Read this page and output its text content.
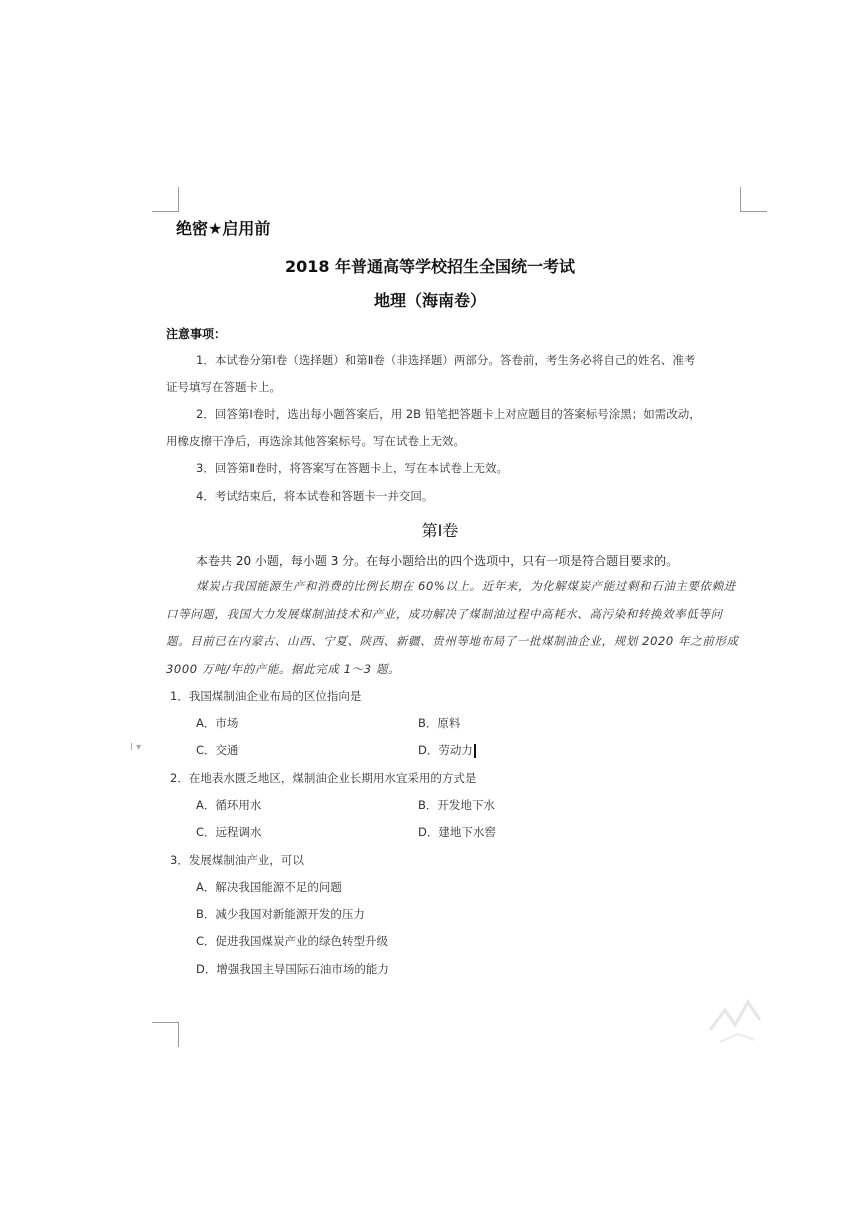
I ▾
绝密★启用前
2018 年普通高等学校招生全国统一考试
地理（海南卷）
注意事项：
1．本试卷分第Ⅰ卷（选择题）和第Ⅱ卷（非选择题）两部分。答卷前，考生务必将自己的姓名、准考
证号填写在答题卡上。
2．回答第Ⅰ卷时，选出每小题答案后，用 2B 铅笔把答题卡上对应题目的答案标号涂黑；如需改动，
用橡皮擦干净后，再选涂其他答案标号。写在试卷上无效。
3．回答第Ⅱ卷时，将答案写在答题卡上，写在本试卷上无效。
4．考试结束后，将本试卷和答题卡一并交回。
第Ⅰ卷
本卷共 20 小题，每小题 3 分。在每小题给出的四个选项中，只有一项是符合题目要求的。
煤炭占我国能源生产和消费的比例长期在 60%以上。近年来，为化解煤炭产能过剩和石油主要依赖进
口等问题，我国大力发展煤制油技术和产业，成功解决了煤制油过程中高耗水、高污染和转换效率低等问
题。目前已在内蒙古、山西、宁夏、陕西、新疆、贵州等地布局了一批煤制油企业，规划 2020 年之前形成
3000 万吨/年的产能。据此完成 1～3 题。
1．我国煤制油企业布局的区位指向是
A．市场	B．原料
C．交通	D．劳动力
2．在地表水匮乏地区，煤制油企业长期用水宜采用的方式是
A．循环用水	B．开发地下水
C．远程调水	D．建地下水窖
3．发展煤制油产业，可以
A．解决我国能源不足的问题
B．减少我国对新能源开发的压力
C．促进我国煤炭产业的绿色转型升级
D．增强我国主导国际石油市场的能力
